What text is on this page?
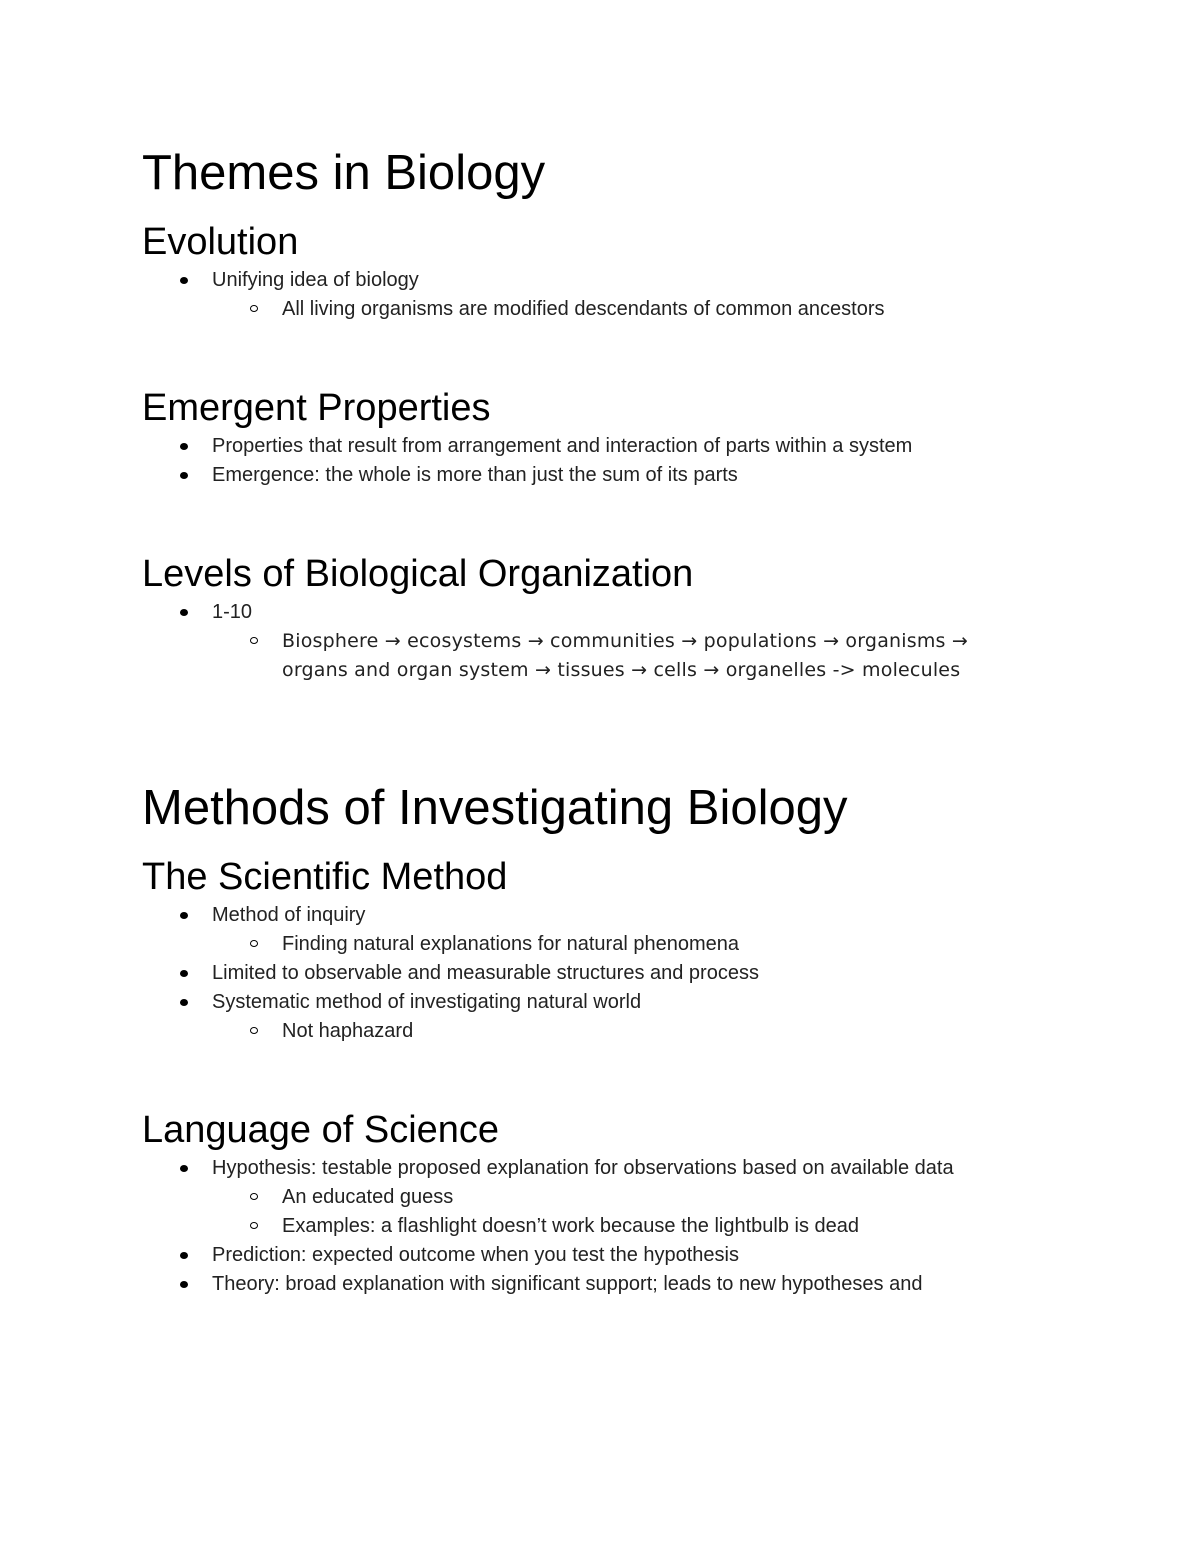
Themes in Biology
Evolution
Unifying idea of biology
All living organisms are modified descendants of common ancestors
Emergent Properties
Properties that result from arrangement and interaction of parts within a system
Emergence: the whole is more than just the sum of its parts
Levels of Biological Organization
1-10
Biosphere → ecosystems → communities → populations → organisms →
organs and organ system → tissues → cells → organelles -> molecules
Methods of Investigating Biology
The Scientific Method
Method of inquiry
Finding natural explanations for natural phenomena
Limited to observable and measurable structures and process
Systematic method of investigating natural world
Not haphazard
Language of Science
Hypothesis: testable proposed explanation for observations based on available data
An educated guess
Examples: a flashlight doesn’t work because the lightbulb is dead
Prediction: expected outcome when you test the hypothesis
Theory: broad explanation with significant support; leads to new hypotheses and
